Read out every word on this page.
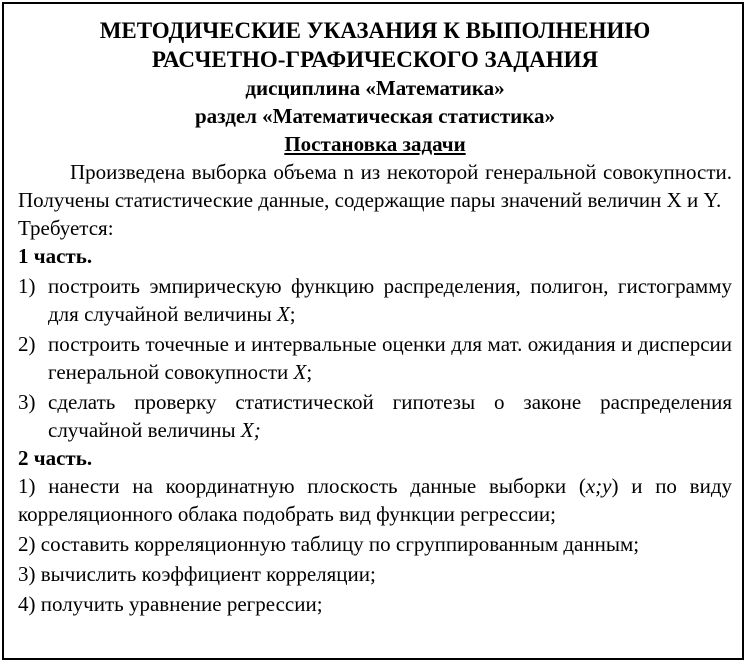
МЕТОДИЧЕСКИЕ УКАЗАНИЯ К ВЫПОЛНЕНИЮ
РАСЧЕТНО-ГРАФИЧЕСКОГО ЗАДАНИЯ
дисциплина «Математика»
раздел «Математическая статистика»
Постановка задачи

Произведена выборка объема n из некоторой генеральной совокупности. Получены статистические данные, содержащие пары значений величин X и Y.

Требуется:

1 часть.

1) построить эмпирическую функцию распределения, полигон, гистограмму для случайной величины X;
2) построить точечные и интервальные оценки для мат. ожидания и дисперсии генеральной совокупности X;
3) сделать проверку статистической гипотезы о законе распределения случайной величины X;

2 часть.

1) нанести на координатную плоскость данные выборки (x;y) и по виду корреляционного облака подобрать вид функции регрессии;

2) составить корреляционную таблицу по сгруппированным данным;

3) вычислить коэффициент корреляции;

4) получить уравнение регрессии;
